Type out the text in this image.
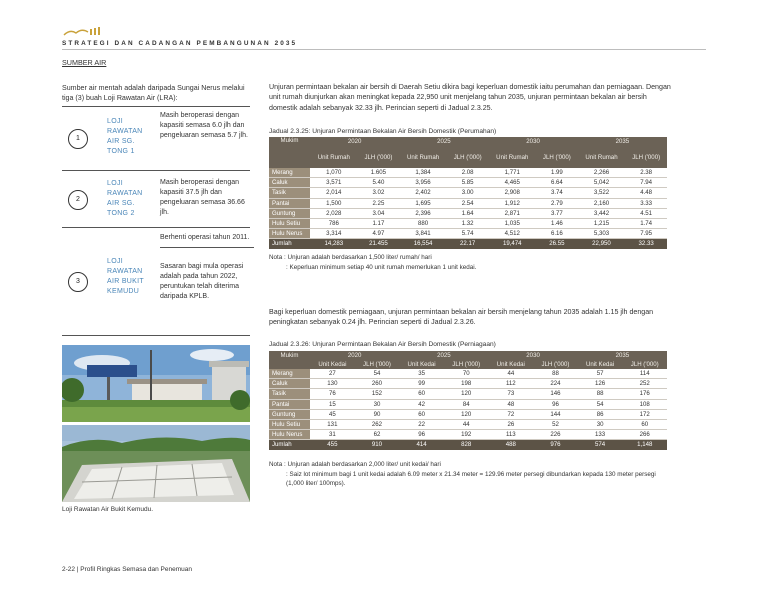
STRATEGI DAN CADANGAN PEMBANGUNAN 2035
SUMBER AIR
Sumber air mentah adalah daripada Sungai Nerus melalui tiga (3) buah Loji Rawatan Air (LRA):
1
LOJI RAWATAN AIR SG. TONG 1
Masih beroperasi dengan kapasiti semasa 6.0 jlh dan pengeluaran semasa 5.7 jlh.
2
LOJI RAWATAN AIR SG. TONG 2
Masih beroperasi dengan kapasiti 37.5 jlh dan pengeluaran semasa 36.66 jlh.
3
LOJI RAWATAN AIR BUKIT KEMUDU
Berhenti operasi tahun 2011.
Sasaran bagi mula operasi adalah pada tahun 2022, peruntukan telah diterima daripada KPLB.
Loji Rawatan Air Bukit Kemudu.
Unjuran permintaan bekalan air bersih di Daerah Setiu dikira bagi keperluan domestik iaitu perumahan dan perniagaan. Dengan unit rumah diunjurkan akan meningkat kepada 22,950 unit menjelang tahun 2035, unjuran permintaan bekalan air bersih domestik adalah sebanyak 32.33 jlh. Perincian seperti di Jadual 2.3.25.
Jadual 2.3.25: Unjuran Permintaan Bekalan Air Bersih Domestik (Perumahan)
Mukim	2020		2025		2030		2035	
	Unit Rumah	JLH ('000)	Unit Rumah	JLH ('000)	Unit Rumah	JLH ('000)	Unit Rumah	JLH ('000)
Merang	1,070	1.605	1,384	2.08	1,771	1.99	2,266	2.38
Caluk	3,571	5.40	3,956	5.85	4,465	6.64	5,042	7.94
Tasik	2,014	3.02	2,402	3.00	2,908	3.74	3,522	4.48
Pantai	1,500	2.25	1,695	2.54	1,912	2.79	2,160	3.33
Guntung	2,028	3.04	2,396	1.64	2,871	3.77	3,442	4.51
Hulu Setiu	786	1.17	880	1.32	1,035	1.46	1,215	1.74
Hulu Nerus	3,314	4.97	3,841	5.74	4,512	6.16	5,303	7.95
Jumlah	14,283	21.455	16,554	22.17	19,474	26.55	22,950	32.33
Nota : Unjuran adalah berdasarkan 1,500 liter/ rumah/ hari
: Keperluan minimum setiap 40 unit rumah memerlukan 1 unit kedai.
Bagi keperluan domestik perniagaan, unjuran permintaan bekalan air bersih menjelang tahun 2035 adalah 1.15 jlh dengan peningkatan sebanyak 0.24 jlh. Perincian seperti di Jadual 2.3.26.
Jadual 2.3.26: Unjuran Permintaan Bekalan Air Bersih Domestik (Perniagaan)
Mukim	2020		2025		2030		2035	
	Unit Kedai	JLH ('000)	Unit Kedai	JLH ('000)	Unit Kedai	JLH ('000)	Unit Kedai	JLH ('000)
Merang	27	54	35	70	44	88	57	114
Caluk	130	260	99	198	112	224	126	252
Tasik	76	152	60	120	73	146	88	176
Pantai	15	30	42	84	48	96	54	108
Guntung	45	90	60	120	72	144	86	172
Hulu Setiu	131	262	22	44	26	52	30	60
Hulu Nerus	31	62	96	192	113	226	133	266
Jumlah	455	910	414	828	488	976	574	1,148
Nota : Unjuran adalah berdasarkan 2,000 liter/ unit kedai/ hari
: Saiz lot minimum bagi 1 unit kedai adalah 6.09 meter x 21.34 meter = 129.96 meter persegi dibundarkan kepada 130 meter persegi (1,000 liter/ 100mps).
2-22 | Profil Ringkas Semasa dan Penemuan
